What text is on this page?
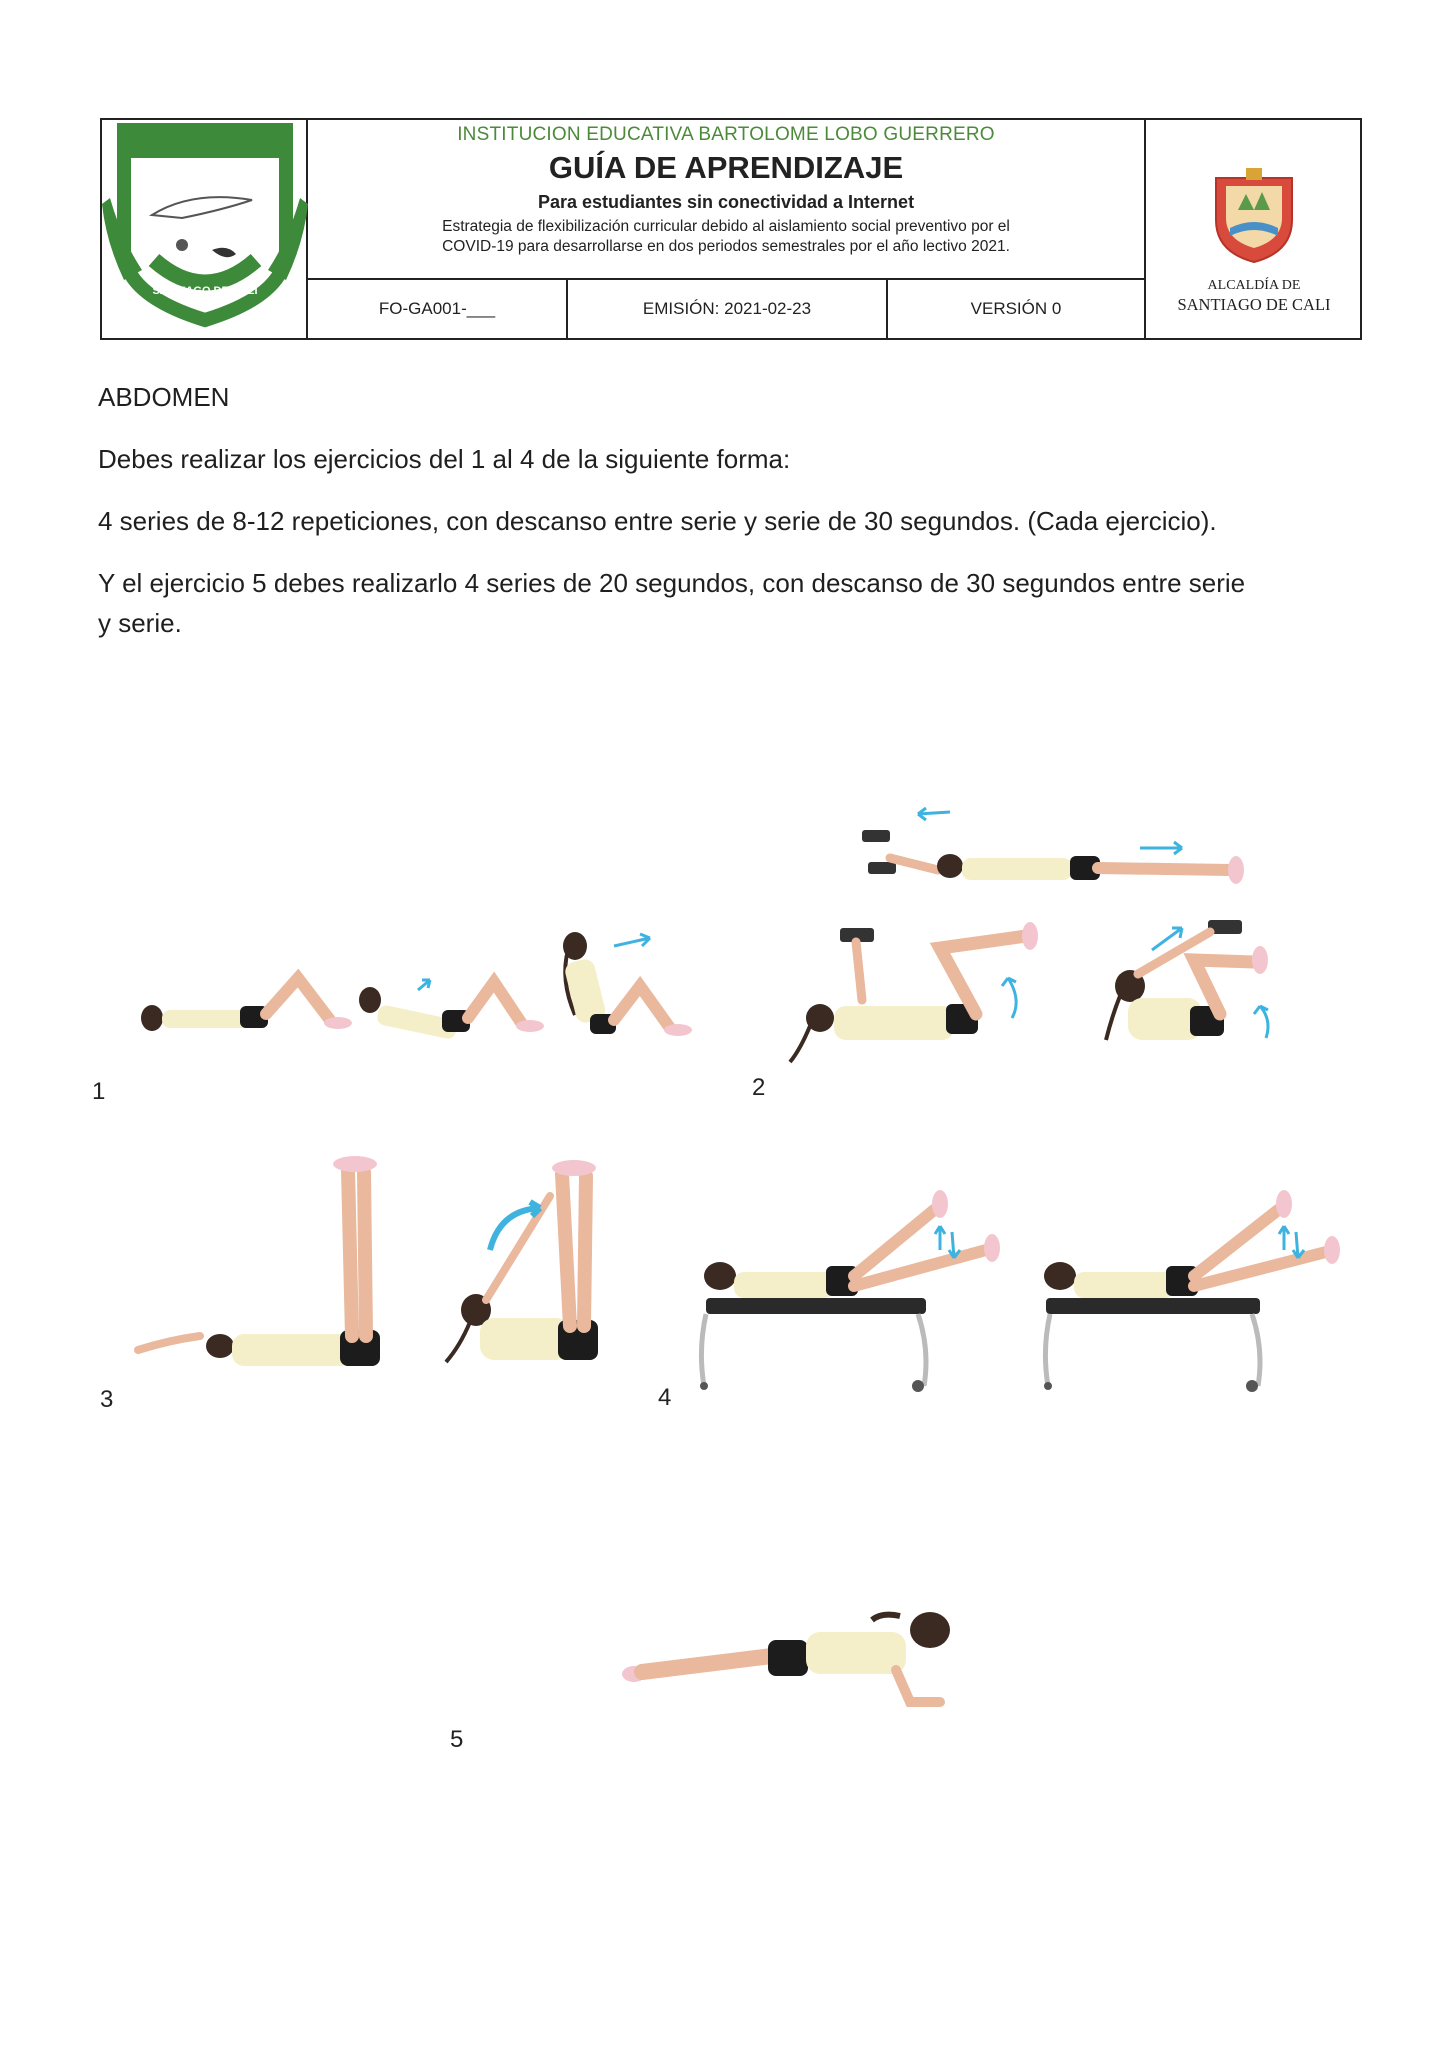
SANTIAGO DE CALI
INSTITUCION EDUCATIVA BARTOLOME LOBO GUERRERO
GUÍA DE APRENDIZAJE
Para estudiantes sin conectividad a Internet
Estrategia de flexibilización curricular debido al aislamiento social preventivo por el
COVID-19 para desarrollarse en dos periodos semestrales por el año lectivo 2021.
FO-GA001-___	EMISIÓN: 2021-02-23	VERSIÓN 0
ALCALDÍA DE
SANTIAGO DE CALI
ABDOMEN
Debes realizar los ejercicios del 1 al 4 de la siguiente forma:
4 series de 8-12 repeticiones, con descanso entre serie y serie de 30 segundos. (Cada ejercicio).
Y el ejercicio 5 debes realizarlo 4 series de 20 segundos, con descanso de 30 segundos entre serie
y serie.
1	2
3	4
5
